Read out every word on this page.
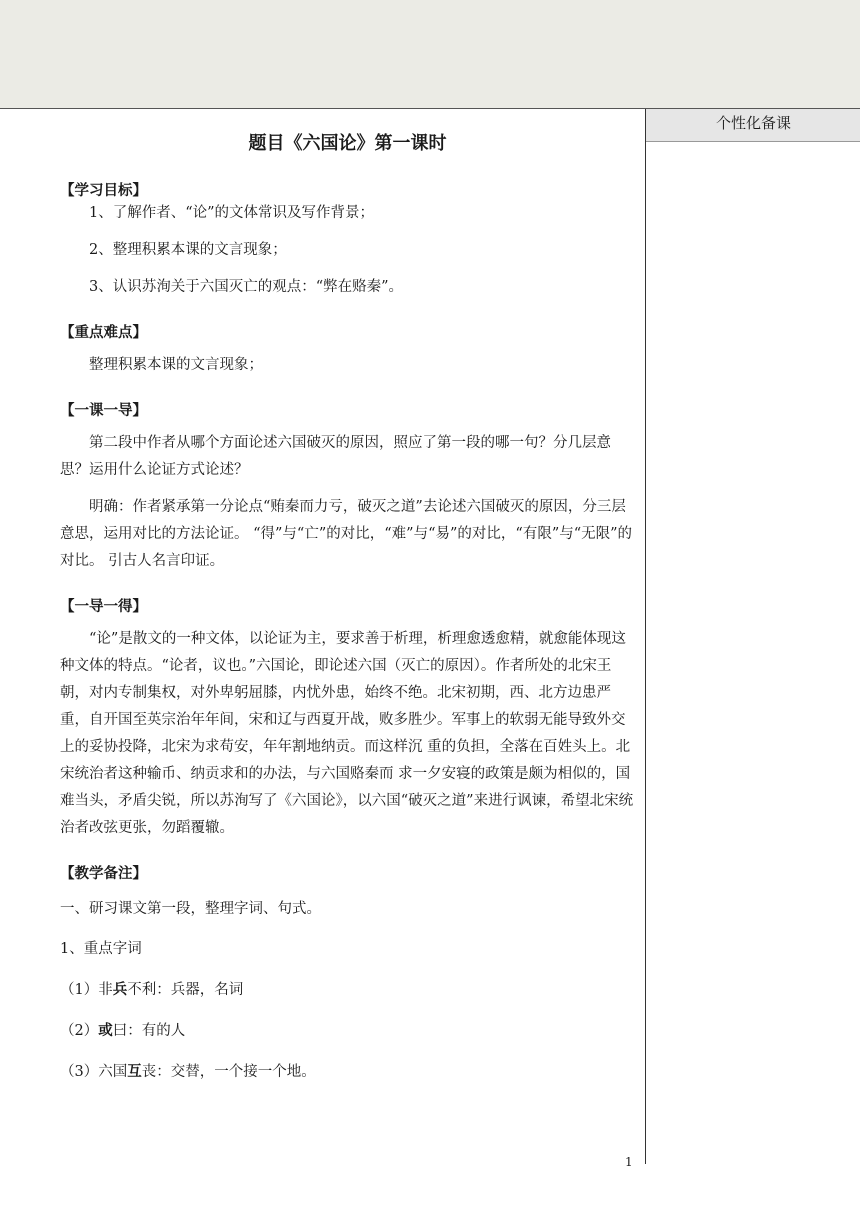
个性化备课
题目《六国论》第一课时
【学习目标】

1、了解作者、“论”的文体常识及写作背景；

2、整理积累本课的文言现象；

3、认识苏洵关于六国灭亡的观点：“弊在赂秦”。

【重点难点】

整理积累本课的文言现象；

【一课一导】

第二段中作者从哪个方面论述六国破灭的原因，照应了第一段的哪一句？分几层意思？运用什么论证方式论述？

明确：作者紧承第一分论点“贿秦而力亏，破灭之道”去论述六国破灭的原因，分三层意思，运用对比的方法论证。 “得”与“亡”的对比，“难”与“易”的对比，“有限”与“无限”的对比。 引古人名言印证。

【一导一得】

“论”是散文的一种文体，以论证为主，要求善于析理，析理愈透愈精，就愈能体现这种文体的特点。“论者，议也。”六国论，即论述六国（灭亡的原因）。作者所处的北宋王朝，对内专制集权，对外卑躬屈膝，内忧外患，始终不绝。北宋初期，西、北方边患严重，自开国至英宗治年年间，宋和辽与西夏开战，败多胜少。军事上的软弱无能导致外交上的妥协投降，北宋为求苟安，年年割地纳贡。而这样沉 重的负担，全落在百姓头上。北宋统治者这种输币、纳贡求和的办法，与六国赂秦而 求一夕安寝的政策是颇为相似的，国难当头，矛盾尖锐，所以苏洵写了《六国论》，以六国“破灭之道”来进行讽谏，希望北宋统治者改弦更张，勿蹈覆辙。

【教学备注】

一、研习课文第一段，整理字词、句式。

1、重点字词

（1）非兵不利：兵器，名词
（2）或曰：有的人
（3）六国互丧：交替，一个接一个地。
1
